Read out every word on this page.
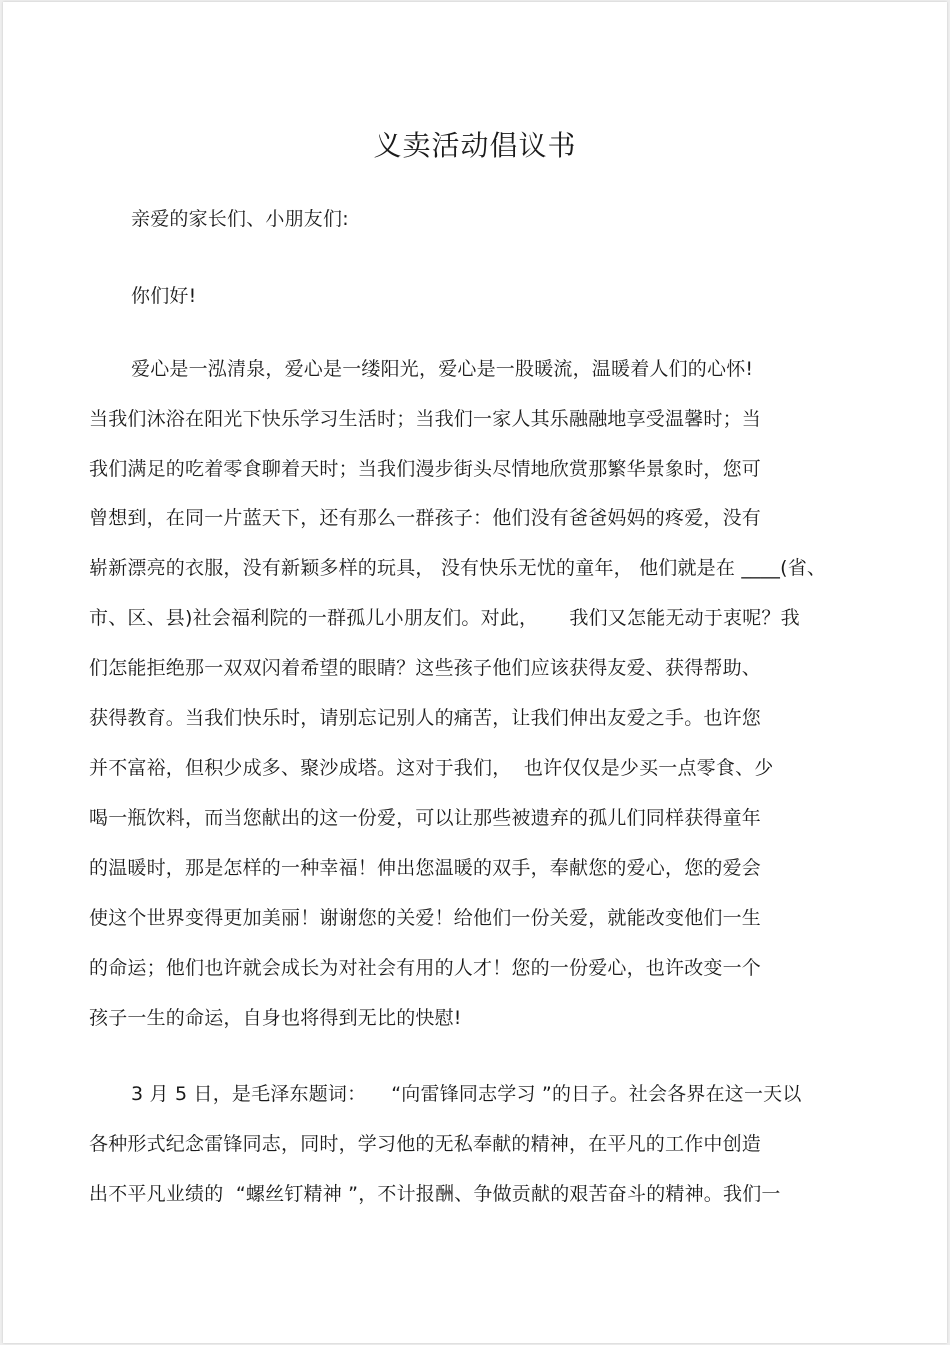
义卖活动倡议书
亲爱的家长们、小朋友们:
你们好!
爱心是一泓清泉，爱心是一缕阳光，爱心是一股暖流，温暖着人们的心怀!
当我们沐浴在阳光下快乐学习生活时；当我们一家人其乐融融地享受温馨时；当
我们满足的吃着零食聊着天时；当我们漫步街头尽情地欣赏那繁华景象时，您可
曾想到，在同一片蓝天下，还有那么一群孩子：他们没有爸爸妈妈的疼爱，没有
崭新漂亮的衣服，没有新颖多样的玩具， 没有快乐无忧的童年， 他们就是在 ____(省、
市、区、县)社会福利院的一群孤儿小朋友们。对此，     我们又怎能无动于衷呢？我
们怎能拒绝那一双双闪着希望的眼睛？这些孩子他们应该获得友爱、获得帮助、
获得教育。当我们快乐时，请别忘记别人的痛苦，让我们伸出友爱之手。也许您
并不富裕，但积少成多、聚沙成塔。这对于我们，  也许仅仅是少买一点零食、少
喝一瓶饮料，而当您献出的这一份爱，可以让那些被遗弃的孤儿们同样获得童年
的温暖时，那是怎样的一种幸福！伸出您温暖的双手，奉献您的爱心，您的爱会
使这个世界变得更加美丽！谢谢您的关爱！给他们一份关爱，就能改变他们一生
的命运；他们也许就会成长为对社会有用的人才！您的一份爱心，也许改变一个
孩子一生的命运，自身也将得到无比的快慰!
3 月 5 日，是毛泽东题词：    “向雷锋同志学习 ”的日子。社会各界在这一天以
各种形式纪念雷锋同志，同时，学习他的无私奉献的精神，在平凡的工作中创造
出不平凡业绩的  “螺丝钉精神 ”，不计报酬、争做贡献的艰苦奋斗的精神。我们一
